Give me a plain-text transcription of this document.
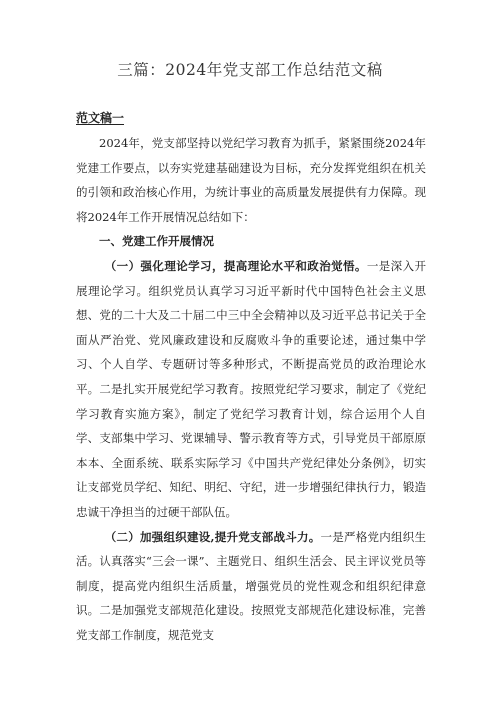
三篇：2024年党支部工作总结范文稿
范文稿一

2024年，党支部坚持以党纪学习教育为抓手，紧紧围绕2024年党建工作要点，以夯实党建基础建设为目标，充分发挥党组织在机关的引领和政治核心作用，为统计事业的高质量发展提供有力保障。现将2024年工作开展情况总结如下：

一、党建工作开展情况

（一）强化理论学习，提高理论水平和政治觉悟。一是深入开展理论学习。组织党员认真学习习近平新时代中国特色社会主义思想、党的二十大及二十届二中三中全会精神以及习近平总书记关于全面从严治党、党风廉政建设和反腐败斗争的重要论述，通过集中学习、个人自学、专题研讨等多种形式，不断提高党员的政治理论水平。二是扎实开展党纪学习教育。按照党纪学习要求，制定了《党纪学习教育实施方案》，制定了党纪学习教育计划，综合运用个人自学、支部集中学习、党课辅导、警示教育等方式，引导党员干部原原本本、全面系统、联系实际学习《中国共产党纪律处分条例》，切实让支部党员学纪、知纪、明纪、守纪，进一步增强纪律执行力，锻造忠诚干净担当的过硬干部队伍。

（二）加强组织建设,提升党支部战斗力。一是严格党内组织生活。认真落实“三会一课”、主题党日、组织生活会、民主评议党员等制度，提高党内组织生活质量，增强党员的党性观念和组织纪律意识。二是加强党支部规范化建设。按照党支部规范化建设标准，完善党支部工作制度，规范党支
